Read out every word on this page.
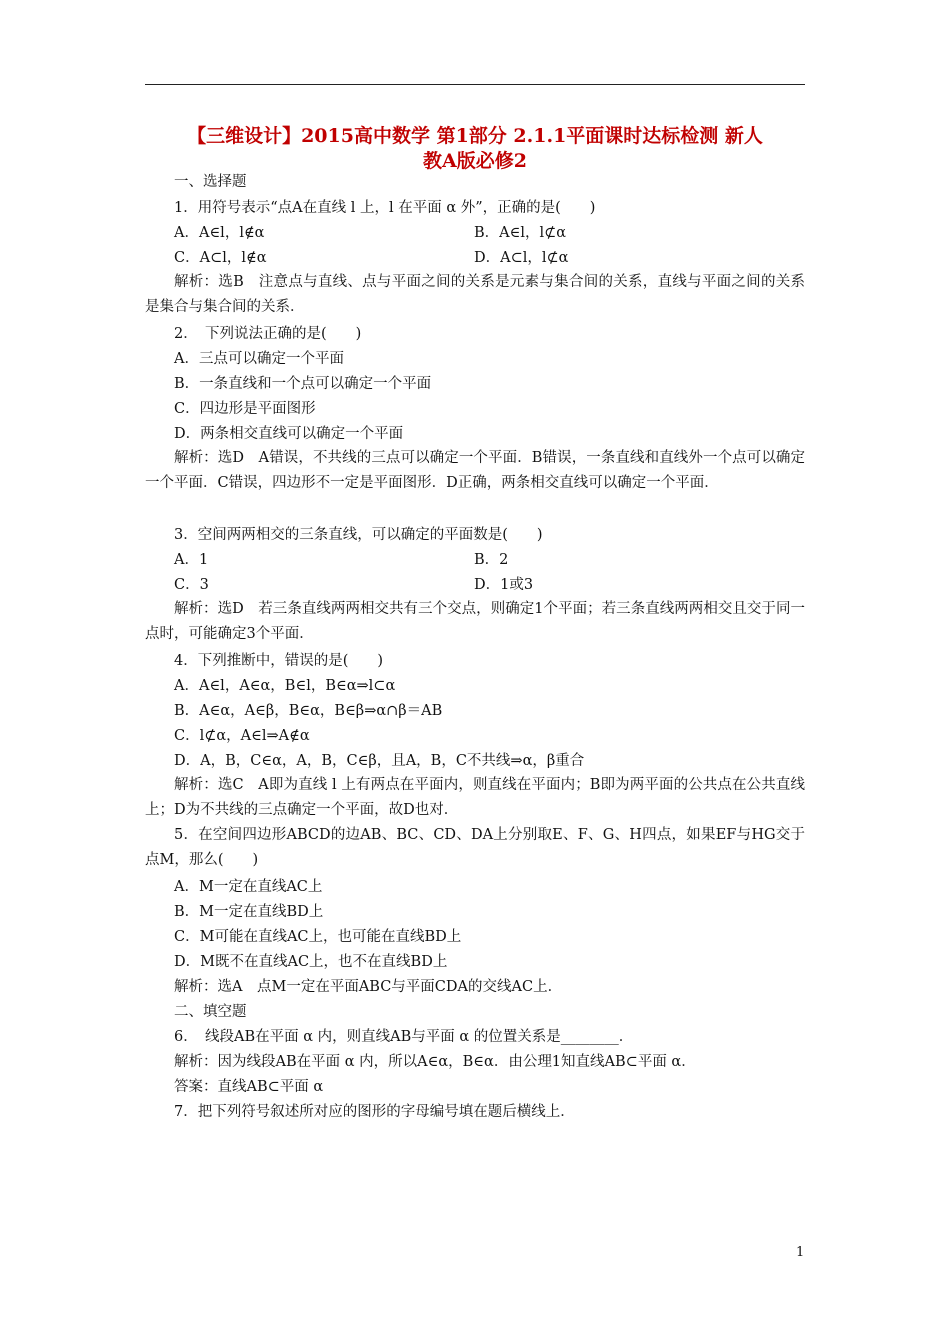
【三维设计】2015高中数学 第1部分 2.1.1平面课时达标检测 新人
教A版必修2
一、选择题
1．用符号表示“点A在直线 l 上，l 在平面 α 外”，正确的是(　　)
A．A∈l，l∉α	B．A∈l，l⊄α
C．A⊂l，l∉α	D．A⊂l，l⊄α
解析：选B　注意点与直线、点与平面之间的关系是元素与集合间的关系，直线与平面之间的关系是集合与集合间的关系．
2．　下列说法正确的是(　　)
A．三点可以确定一个平面
B．一条直线和一个点可以确定一个平面
C．四边形是平面图形
D．两条相交直线可以确定一个平面
解析：选D　A错误，不共线的三点可以确定一个平面．B错误，一条直线和直线外一个点可以确定一个平面．C错误，四边形不一定是平面图形．D正确，两条相交直线可以确定一个平面．
3．空间两两相交的三条直线，可以确定的平面数是(　　)
A．1	B．2
C．3	D．1或3
解析：选D　若三条直线两两相交共有三个交点，则确定1个平面；若三条直线两两相交且交于同一点时，可能确定3个平面．
4．下列推断中，错误的是(　　)
A．A∈l，A∈α，B∈l，B∈α⇒l⊂α
B．A∈α，A∈β，B∈α，B∈β⇒α∩β＝AB
C．l⊄α，A∈l⇒A∉α
D．A，B，C∈α，A，B，C∈β，且A，B，C不共线⇒α，β重合
解析：选C　A即为直线 l 上有两点在平面内，则直线在平面内；B即为两平面的公共点在公共直线上；D为不共线的三点确定一个平面，故D也对．
5．在空间四边形ABCD的边AB、BC、CD、DA上分别取E、F、G、H四点，如果EF与HG交于点M，那么(　　)
A．M一定在直线AC上
B．M一定在直线BD上
C．M可能在直线AC上，也可能在直线BD上
D．M既不在直线AC上，也不在直线BD上
解析：选A　点M一定在平面ABC与平面CDA的交线AC上．
二、填空题
6．　线段AB在平面 α 内，则直线AB与平面 α 的位置关系是________．
解析：因为线段AB在平面 α 内，所以A∈α，B∈α．由公理1知直线AB⊂平面 α．
答案：直线AB⊂平面 α
7．把下列符号叙述所对应的图形的字母编号填在题后横线上．
1
